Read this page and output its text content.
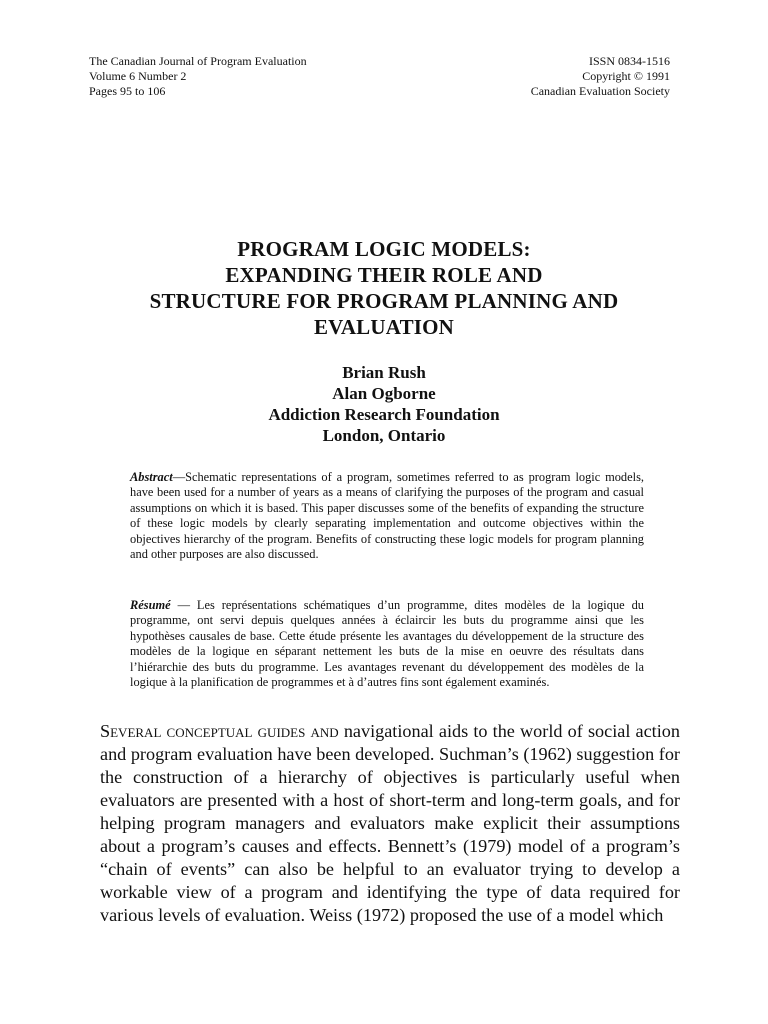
The Canadian Journal of Program Evaluation
Volume 6 Number 2
Pages 95 to 106
ISSN 0834-1516
Copyright © 1991
Canadian Evaluation Society
PROGRAM LOGIC MODELS:
EXPANDING THEIR ROLE AND
STRUCTURE FOR PROGRAM PLANNING AND
EVALUATION
Brian Rush
Alan Ogborne
Addiction Research Foundation
London, Ontario
Abstract—Schematic representations of a program, sometimes referred to as program logic models, have been used for a number of years as a means of clarifying the purposes of the program and casual assumptions on which it is based. This paper discusses some of the benefits of expanding the structure of these logic models by clearly separating implementation and outcome objectives within the objectives hierarchy of the program. Benefits of constructing these logic models for program planning and other purposes are also discussed.
Résumé — Les représentations schématiques d’un programme, dites modèles de la logique du programme, ont servi depuis quelques années à éclaircir les buts du programme ainsi que les hypothèses causales de base. Cette étude présente les avantages du développement de la structure des modèles de la logique en séparant nettement les buts de la mise en oeuvre des résultats dans l’hiérarchie des buts du programme. Les avantages revenant du développement des modèles de la logique à la planification de programmes et à d’autres fins sont également examinés.
Several conceptual guides and navigational aids to the world of social action and program evaluation have been developed. Suchman’s (1962) suggestion for the construction of a hierarchy of objectives is particularly useful when evaluators are presented with a host of short-term and long-term goals, and for helping program managers and evaluators make explicit their assumptions about a program’s causes and effects. Bennett’s (1979) model of a program’s “chain of events” can also be helpful to an evaluator trying to develop a workable view of a program and identifying the type of data required for various levels of evaluation. Weiss (1972) proposed the use of a model which
